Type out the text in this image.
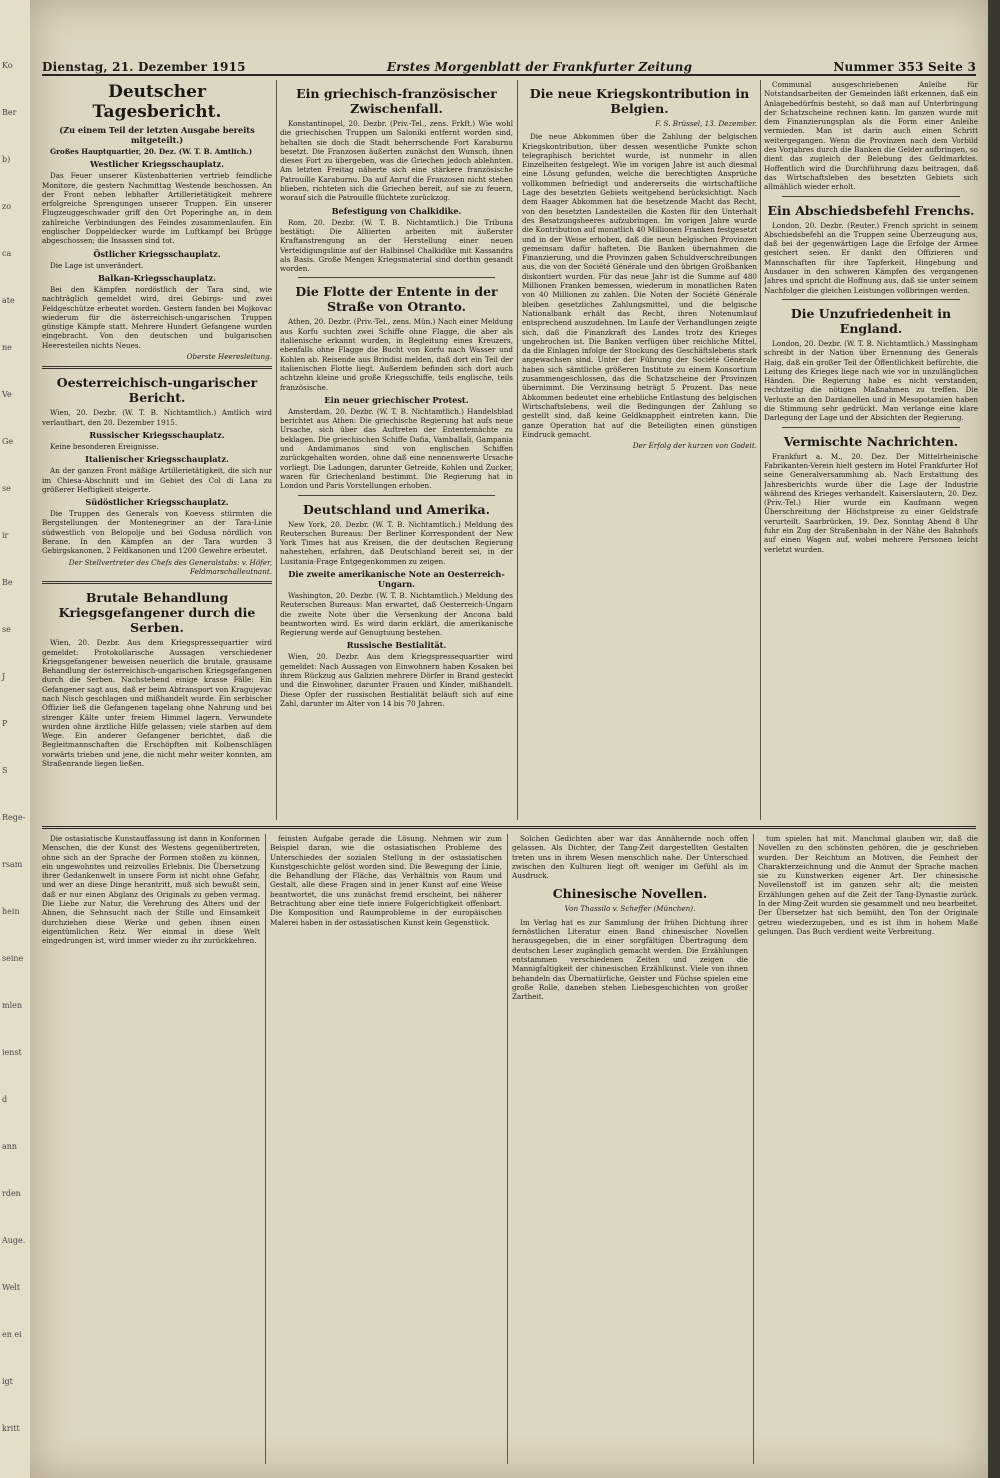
Ko
Ber
b)
zo
ca
ate
ne
Ve
Ge
se
ir
Be
se
J
P
S
Rege-
rsam
hein
seine
mlen
ienst
d
ann
rden
Auge.
Welt
en ei
igt
kritt
Dienstag, 21. Dezember 1915	Erstes Morgenblatt der Frankfurter Zeitung	Nummer 353 Seite 3
Deutscher Tagesbericht.
(Zu einem Teil der letzten Ausgabe bereits mitgeteilt.)

Großes Hauptquartier, 20. Dez. (W. T. B. Amtlich.)

Westlicher Kriegsschauplatz.

Das Feuer unserer Küstenbatterien vertrieb feindliche Monitore, die gestern Nachmittag Westende beschossen. An der Front neben lebhafter Artillerietätigkeit mehrere erfolgreiche Sprengungen unserer Truppen. Ein unserer Flugzeuggeschwader griff den Ort Poperinghe an, in dem zahlreiche Verbindungen des Feindes zusammenlaufen. Ein englischer Doppeldecker wurde im Luftkampf bei Brügge abgeschossen; die Insassen sind tot.

Östlicher Kriegsschauplatz.

Die Lage ist unverändert.

Balkan-Kriegsschauplatz.

Bei den Kämpfen nordöstlich der Tara sind, wie nachträglich gemeldet wird, drei Gebirgs- und zwei Feldgeschütze erbeutet worden. Gestern fanden bei Mojkovac wiederum für die österreichisch-ungarischen Truppen günstige Kämpfe statt. Mehrere Hundert Gefangene wurden eingebracht. Von den deutschen und bulgarischen Heeresteilen nichts Neues.

Oberste Heeresleitung.
Oesterreichisch-ungarischer Bericht.

Wien, 20. Dezbr. (W. T. B. Nichtamtlich.) Amtlich wird verlautbart, den 20. Dezember 1915.

Russischer Kriegsschauplatz.

Keine besonderen Ereignisse.

Italienischer Kriegsschauplatz.

An der ganzen Front mäßige Artillerietätigkeit, die sich nur im Chiesa-Abschnitt und im Gebiet des Col di Lana zu größerer Heftigkeit steigerte.

Südöstlicher Kriegsschauplatz.

Die Truppen des Generals von Koevess stürmten die Bergstellungen der Montenegriner an der Tara-Linie südwestlich von Belopolje und bei Godusa nördlich von Berane. In den Kämpfen an der Tara wurden 3 Gebirgskanonen, 2 Feldkanonen und 1200 Gewehre erbeutet.

Der Stellvertreter des Chefs des Generalstabs: v. Höfer, Feldmarschalleutnant.
Brutale Behandlung Kriegsgefangener durch die Serben.

Wien, 20. Dezbr. Aus dem Kriegspressequartier wird gemeldet: Protokollarische Aussagen verschiedener Kriegsgefangener beweisen neuerlich die brutale, grausame Behandlung der österreichisch-ungarischen Kriegsgefangenen durch die Serben. Nachstehend einige krasse Fälle: Ein Gefangener sagt aus, daß er beim Abtransport von Kragujevac nach Nisch geschlagen und mißhandelt wurde. Ein serbischer Offizier ließ die Gefangenen tagelang ohne Nahrung und bei strenger Kälte unter freiem Himmel lagern. Verwundete wurden ohne ärztliche Hilfe gelassen; viele starben auf dem Wege. Ein anderer Gefangener berichtet, daß die Begleitmannschaften die Erschöpften mit Kolbenschlägen vorwärts trieben und jene, die nicht mehr weiter konnten, am Straßenrande liegen ließen.

Ein griechisch-französischer Zwischenfall.

Konstantinopel, 20. Dezbr. (Priv.-Tel., zens. Frkft.) Wie wohl die griechischen Truppen um Saloniki entfernt worden sind, behalten sie doch die Stadt beherrschende Fort Karaburnu besetzt. Die Franzosen äußerten zunächst den Wunsch, ihnen dieses Fort zu übergeben, was die Griechen jedoch ablehnten. Am letzten Freitag näherte sich eine stärkere französische Patrouille Karaburnu. Da auf Anruf die Franzosen nicht stehen blieben, richteten sich die Griechen bereit, auf sie zu feuern, worauf sich die Patrouille flüchtete zurückzog.

Befestigung von Chalkidike.

Rom, 20. Dezbr. (W. T. B. Nichtamtlich.) Die Tribuna bestätigt: Die Alliierten arbeiten mit äußerster Kraftanstrengung an der Herstellung einer neuen Verteidigungslinie auf der Halbinsel Chalkidike mit Kassandra als Basis. Große Mengen Kriegsmaterial sind dorthin gesandt worden.

Die Flotte der Entente in der Straße von Otranto.

Athen, 20. Dezbr. (Priv.-Tel., zens. Mün.) Nach einer Meldung aus Korfu suchten zwei Schiffe ohne Flagge, die aber als italienische erkannt wurden, in Begleitung eines Kreuzers, ebenfalls ohne Flagge die Bucht von Korfu nach Wasser und Kohlen ab. Reisende aus Brindisi melden, daß dort ein Teil der italienischen Flotte liegt. Außerdem befinden sich dort auch achtzehn kleine und große Kriegsschiffe, teils englische, teils französische.

Ein neuer griechischer Protest.

Amsterdam, 20. Dezbr. (W. T. B. Nichtamtlich.) Handelsblad berichtet aus Athen: Die griechische Regierung hat aufs neue Ursache, sich über das Auftreten der Ententemächte zu beklagen. Die griechischen Schiffe Dafia, Vamballali, Gampania und Andamimanos sind von englischen Schiffen zurückgehalten worden, ohne daß eine nennenswerte Ursache vorliegt. Die Ladungen, darunter Getreide, Kohlen und Zucker, waren für Griechenland bestimmt. Die Regierung hat in London und Paris Vorstellungen erhoben.

Deutschland und Amerika.

New York, 20. Dezbr. (W. T. B. Nichtamtlich.) Meldung des Reuterschen Bureaus: Der Berliner Korrespondent der New York Times hat aus Kreisen, die der deutschen Regierung nahestehen, erfahren, daß Deutschland bereit sei, in der Lusitania-Frage Entgegenkommen zu zeigen.

Die zweite amerikanische Note an Oesterreich-Ungarn.

Washington, 20. Dezbr. (W. T. B. Nichtamtlich.) Meldung des Reuterschen Bureaus: Man erwartet, daß Oesterreich-Ungarn die zweite Note über die Versenkung der Ancona bald beantworten wird. Es wird darin erklärt, die amerikanische Regierung werde auf Genugtuung bestehen.

Russische Bestialität.

Wien, 20. Dezbr. Aus dem Kriegspressequartier wird gemeldet: Nach Aussagen von Einwohnern haben Kosaken bei ihrem Rückzug aus Galizien mehrere Dörfer in Brand gesteckt und die Einwohner, darunter Frauen und Kinder, mißhandelt. Diese Opfer der russischen Bestialität beläuft sich auf eine Zahl, darunter im Alter von 14 bis 70 Jahren.

Die neue Kriegskontribution in Belgien.
F. S. Brüssel, 13. Dezember.

Die neue Abkommen über die Zahlung der belgischen Kriegskontribution, über dessen wesentliche Punkte schon telegraphisch berichtet wurde, ist nunmehr in allen Einzelheiten festgelegt. Wie im vorigen Jahre ist auch diesmal eine Lösung gefunden, welche die berechtigten Ansprüche vollkommen befriedigt und andererseits die wirtschaftliche Lage des besetzten Gebiets weitgehend berücksichtigt. Nach dem Haager Abkommen hat die besetzende Macht das Recht, von den besetzten Landesteilen die Kosten für den Unterhalt des Besatzungsheeres aufzubringen. Im vorigen Jahre wurde die Kontribution auf monatlich 40 Millionen Franken festgesetzt und in der Weise erhoben, daß die neun belgischen Provinzen gemeinsam dafür hafteten. Die Banken übernahmen die Finanzierung, und die Provinzen gaben Schuldverschreibungen aus, die von der Société Générale und den übrigen Großbanken diskontiert wurden. Für das neue Jahr ist die Summe auf 480 Millionen Franken bemessen, wiederum in monatlichen Raten von 40 Millionen zu zahlen. Die Noten der Société Générale bleiben gesetzliches Zahlungsmittel, und die belgische Nationalbank erhält das Recht, ihren Notenumlauf entsprechend auszudehnen. Im Laufe der Verhandlungen zeigte sich, daß die Finanzkraft des Landes trotz des Krieges ungebrochen ist. Die Banken verfügen über reichliche Mittel, da die Einlagen infolge der Stockung des Geschäftslebens stark angewachsen sind. Unter der Führung der Société Générale haben sich sämtliche größeren Institute zu einem Konsortium zusammengeschlossen, das die Schatzscheine der Provinzen übernimmt. Die Verzinsung beträgt 5 Prozent. Das neue Abkommen bedeutet eine erhebliche Entlastung des belgischen Wirtschaftslebens, weil die Bedingungen der Zahlung so gestellt sind, daß keine Geldknappheit eintreten kann. Die ganze Operation hat auf die Beteiligten einen günstigen Eindruck gemacht.

Der Erfolg der kurzen von Godeit.

Communal ausgeschriebenen Anleihe für Notstandsarbeiten der Gemeinden läßt erkennen, daß ein Anlagebedürfnis besteht, so daß man auf Unterbringung der Schatzscheine rechnen kann. Im ganzen wurde mit dem Finanzierungsplan als die Form einer Anleihe vermieden. Man ist darin auch einen Schritt weitergegangen. Wenn die Provinzen nach dem Vorbild des Vorjahres durch die Banken die Gelder aufbringen, so dient das zugleich der Belebung des Geldmarktes. Hoffentlich wird die Durchführung dazu beitragen, daß das Wirtschaftsleben des besetzten Gebiets sich allmählich wieder erholt.

Ein Abschiedsbefehl Frenchs.

London, 20. Dezbr. (Reuter.) French spricht in seinem Abschiedsbefehl an die Truppen seine Überzeugung aus, daß bei der gegenwärtigen Lage die Erfolge der Armee gesichert seien. Er dankt den Offizieren und Mannschaften für ihre Tapferkeit, Hingebung und Ausdauer in den schweren Kämpfen des vergangenen Jahres und spricht die Hoffnung aus, daß sie unter seinem Nachfolger die gleichen Leistungen vollbringen werden.

Die Unzufriedenheit in England.

London, 20. Dezbr. (W. T. B. Nichtamtlich.) Massingham schreibt in der Nation über Ernennung des Generals Haig, daß ein großer Teil der Öffentlichkeit befürchte, die Leitung des Krieges liege nach wie vor in unzulänglichen Händen. Die Regierung habe es nicht verstanden, rechtzeitig die nötigen Maßnahmen zu treffen. Die Verluste an den Dardanellen und in Mesopotamien haben die Stimmung sehr gedrückt. Man verlange eine klare Darlegung der Lage und der Absichten der Regierung.

Vermischte Nachrichten.

Frankfurt a. M., 20. Dez. Der Mittelrheinische Fabrikanten-Verein hielt gestern im Hotel Frankfurter Hof seine Generalversammlung ab. Nach Erstattung des Jahresberichts wurde über die Lage der Industrie während des Krieges verhandelt. Kaiserslautern, 20. Dez. (Priv.-Tel.) Hier wurde ein Kaufmann wegen Überschreitung der Höchstpreise zu einer Geldstrafe verurteilt. Saarbrücken, 19. Dez. Sonntag Abend 8 Uhr fuhr ein Zug der Straßenbahn in der Nähe des Bahnhofs auf einen Wagen auf, wobei mehrere Personen leicht verletzt wurden.

Die ostasiatische Kunstauffassung ist dann in Konformen Menschen, die der Kunst des Westens gegenübertreten, ohne sich an der Sprache der Formen stoßen zu können, ein ungewohntes und reizvolles Erlebnis. Die Übersetzung ihrer Gedankenwelt in unsere Form ist nicht ohne Gefahr, und wer an diese Dinge herantritt, muß sich bewußt sein, daß er nur einen Abglanz des Originals zu geben vermag. Die Liebe zur Natur, die Verehrung des Alters und der Ahnen, die Sehnsucht nach der Stille und Einsamkeit durchziehen diese Werke und geben ihnen einen eigentümlichen Reiz. Wer einmal in diese Welt eingedrungen ist, wird immer wieder zu ihr zurückkehren.

feinsten Aufgabe gerade die Lösung. Nehmen wir zum Beispiel daran, wie die ostasiatischen Probleme des Unterschiedes der sozialen Stellung in der ostasiatischen Kunstgeschichte gelöst worden sind. Die Bewegung der Linie, die Behandlung der Fläche, das Verhältnis von Raum und Gestalt, alle diese Fragen sind in jener Kunst auf eine Weise beantwortet, die uns zunächst fremd erscheint, bei näherer Betrachtung aber eine tiefe innere Folgerichtigkeit offenbart. Die Komposition und Raumprobleme in der europäischen Malerei haben in der ostasiatischen Kunst kein Gegenstück.

Solchen Gedichten aber war das Annähernde noch offen gelassen. Als Dichter, der Tang-Zeit dargestellten Gestalten treten uns in ihrem Wesen menschlich nahe. Der Unterschied zwischen den Kulturen liegt oft weniger im Gefühl als im Ausdruck.

Chinesische Novellen.
Von Thassilo v. Scheffer (München).

Im Verlag hat es zur Sammlung der frühen Dichtung ihrer fernöstlichen Literatur einen Band chinesischer Novellen herausgegeben, die in einer sorgfältigen Übertragung dem deutschen Leser zugänglich gemacht werden. Die Erzählungen entstammen verschiedenen Zeiten und zeigen die Mannigfaltigkeit der chinesischen Erzählkunst. Viele von ihnen behandeln das Übernatürliche, Geister und Füchse spielen eine große Rolle, daneben stehen Liebesgeschichten von großer Zartheit.

tum spielen hat mit. Manchmal glauben wir, daß die Novellen zu den schönsten gehören, die je geschrieben wurden. Der Reichtum an Motiven, die Feinheit der Charakterzeichnung und die Anmut der Sprache machen sie zu Kunstwerken eigener Art. Der chinesische Novellenstoff ist im ganzen sehr alt; die meisten Erzählungen gehen auf die Zeit der Tang-Dynastie zurück. In der Ming-Zeit wurden sie gesammelt und neu bearbeitet. Der Übersetzer hat sich bemüht, den Ton der Originale getreu wiederzugeben, und es ist ihm in hohem Maße gelungen. Das Buch verdient weite Verbreitung.
